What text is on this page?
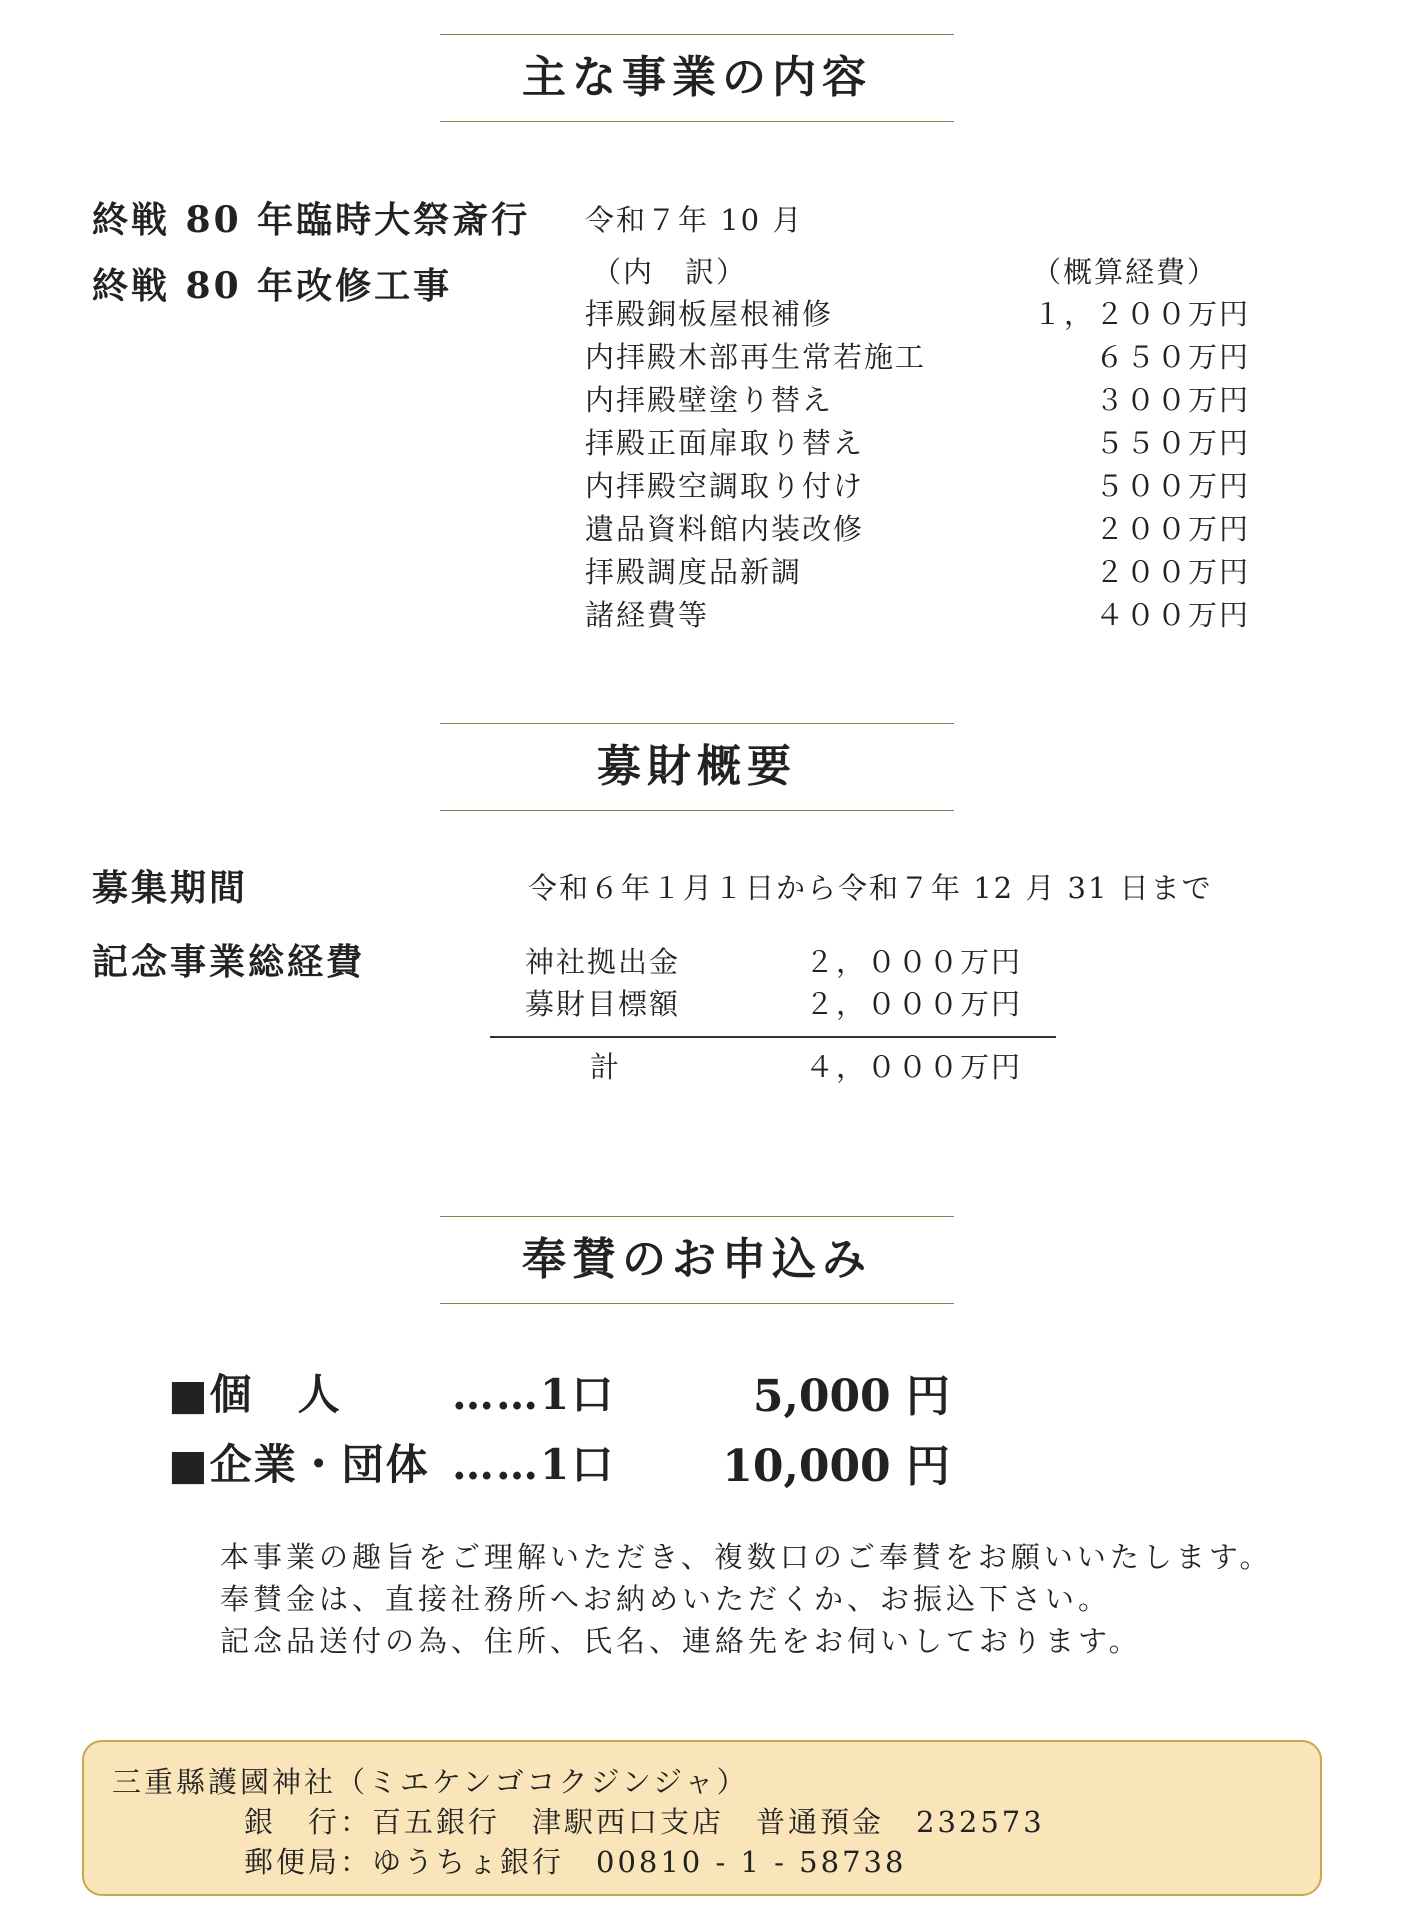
主な事業の内容
終戦 80 年臨時大祭斎行 令和７年 10 月
終戦 80 年改修工事	（内　訳）	（概算経費）
拝殿銅板屋根補修	１，２００万円
内拝殿木部再生常若施工	６５０万円
内拝殿壁塗り替え	３００万円
拝殿正面扉取り替え	５５０万円
内拝殿空調取り付け	５００万円
遺品資料館内装改修	２００万円
拝殿調度品新調	２００万円
諸経費等	４００万円
募財概要
募集期間	令和６年１月１日から令和７年 12 月 31 日まで
記念事業総経費	神社拠出金	２，０００万円
募財目標額	２，０００万円
計	４，０００万円
奉賛のお申込み
■個　人	……1口	5,000 円
■企業・団体 ……1口	10,000 円
本事業の趣旨をご理解いただき、複数口のご奉賛をお願いいたします。
奉賛金は、直接社務所へお納めいただくか、お振込下さい。
記念品送付の為、住所、氏名、連絡先をお伺いしております。
三重縣護國神社（ミエケンゴコクジンジャ）
銀　行：百五銀行　津駅西口支店　普通預金　232573
郵便局：ゆうちょ銀行　00810 - 1 - 58738
